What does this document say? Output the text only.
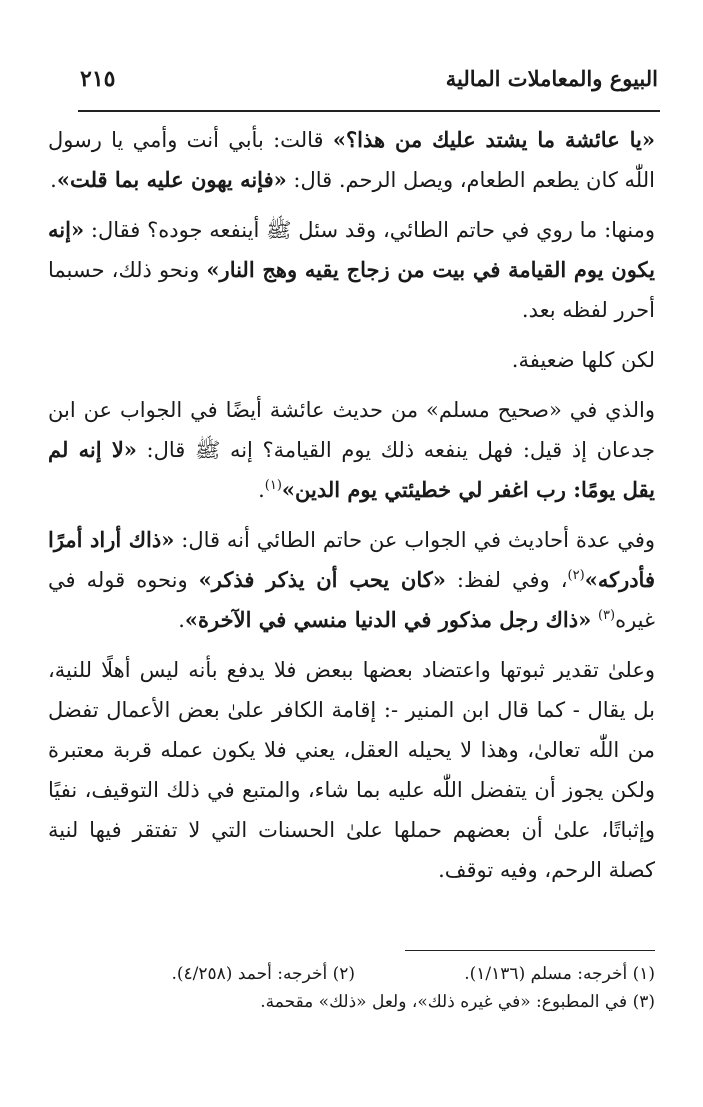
البيوع والمعاملات المالية
٢١٥

«يا عائشة ما يشتد عليك من هذا؟» قالت: بأبي أنت وأمي يا رسول اللّٰه كان يطعم الطعام، ويصل الرحم. قال: «فإنه يهون عليه بما قلت».

ومنها: ما روي في حاتم الطائي، وقد سئل ﷺ أينفعه جوده؟ فقال: «إنه يكون يوم القيامة في بيت من زجاج يقيه وهج النار» ونحو ذلك، حسبما أحرر لفظه بعد.

لكن كلها ضعيفة.

والذي في «صحيح مسلم» من حديث عائشة أيضًا في الجواب عن ابن جدعان إذ قيل: فهل ينفعه ذلك يوم القيامة؟ إنه ﷺ قال: «لا إنه لم يقل يومًا: رب اغفر لي خطيئتي يوم الدين»$^{(١)}$.

وفي عدة أحاديث في الجواب عن حاتم الطائي أنه قال: «ذاك أراد أمرًا فأدركه»$^{(٢)}$، وفي لفظ: «كان يحب أن يذكر فذكر» ونحوه قوله في غيره$^{(٣)}$ «ذاك رجل مذكور في الدنيا منسي في الآخرة».

وعلىٰ تقدير ثبوتها واعتضاد بعضها ببعض فلا يدفع بأنه ليس أهلًا للنية، بل يقال - كما قال ابن المنير -: إقامة الكافر علىٰ بعض الأعمال تفضل من اللّٰه تعالىٰ، وهذا لا يحيله العقل، يعني فلا يكون عمله قربة معتبرة ولكن يجوز أن يتفضل اللّٰه عليه بما شاء، والمتبع في ذلك التوقيف، نفيًا وإثباتًا، علىٰ أن بعضهم حملها علىٰ الحسنات التي لا تفتقر فيها لنية كصلة الرحم، وفيه توقف.

(١) أخرجه: مسلم (١/١٣٦).
(٢) أخرجه: أحمد (٤/٢٥٨).
(٣) في المطبوع: «في غيره ذلك»، ولعل «ذلك» مقحمة.
